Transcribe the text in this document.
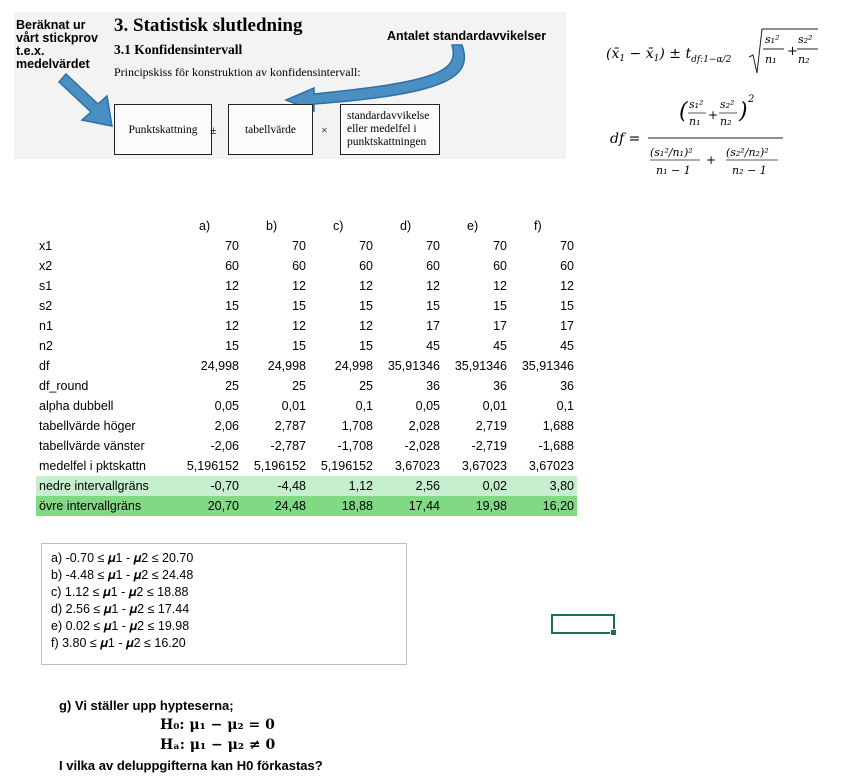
Beräknat ur
vårt stickprov
t.e.x.
medelvärdet
Antalet standardavvikelser
3. Statistisk slutledning
3.1 Konfidensintervall
Principskiss för konstruktion av konfidensintervall:
Punktskattning	±	tabellvärde	×
standardavvikelse
eller medelfel i
punktskattningen
($x̄_1$ − $x̄_1) \pm t_{df:1-\alpha/2}$
s₁²
n₁
+
s₂²
n₂
df =
( s₁²
n₁ +
s₂²
n₂ ) 2
(s₁²/n₁)²
n₁ − 1
+
(s₂²/n₂)²
n₂ − 1
	a)	b)	c)	d)	e)	f)
x1	70	70	70	70	70	70
x2	60	60	60	60	60	60
s1	12	12	12	12	12	12
s2	15	15	15	15	15	15
n1	12	12	12	17	17	17
n2	15	15	15	45	45	45
df	24,998	24,998	24,998	35,91346	35,91346	35,91346
df_round	25	25	25	36	36	36
alpha dubbell	0,05	0,01	0,1	0,05	0,01	0,1
tabellvärde höger	2,06	2,787	1,708	2,028	2,719	1,688
tabellvärde vänster	-2,06	-2,787	-1,708	-2,028	-2,719	-1,688
medelfel i pktskattn	5,196152	5,196152	5,196152	3,67023	3,67023	3,67023
nedre intervallgräns	-0,70	-4,48	1,12	2,56	0,02	3,80
övre intervallgräns	20,70	24,48	18,88	17,44	19,98	16,20
a) -0.70 ≤ 𝝁1 - 𝝁2 ≤ 20.70
b) -4.48 ≤ 𝝁1 - 𝝁2 ≤ 24.48
c) 1.12 ≤ 𝝁1 - 𝝁2 ≤ 18.88
d) 2.56 ≤ 𝝁1 - 𝝁2 ≤ 17.44
e) 0.02 ≤ 𝝁1 - 𝝁2 ≤ 19.98
f) 3.80 ≤ 𝝁1 - 𝝁2 ≤ 16.20
g) Vi ställer upp hypteserna;
H₀: μ₁ − μ₂ = 0
Hₐ: μ₁ − μ₂ ≠ 0
I vilka av deluppgifterna kan H0 förkastas?
